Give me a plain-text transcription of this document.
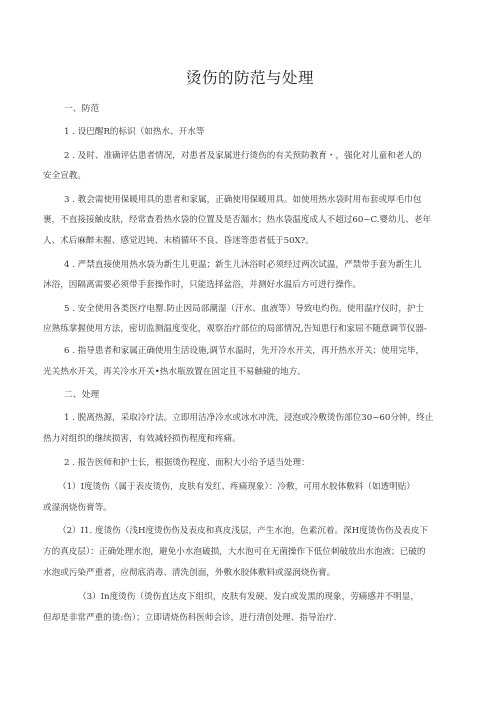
烫伤的防范与处理
一、防范
1 . 设巴醒R的标识（如热水、开水等
2 . 及时、准确评估患者情况，对患者及家属进行烫伤的有关预防教育・，强化对儿童和老人的
安全宣教。
3 . 教会需使用保暖用具的患者和家属，正确使用保暖用具。如使用热水袋时用布套或厚毛巾包
裹，不直接接触皮肤，经常查看热水袋的位置及是否漏水；热水袋温度成人不超过60~C.婴幼儿、老年
人、术后麻醉未握、感觉迟钝、末梢循环不良、昏迷等患者低于50X?。
4 . 严禁直接使用热水袋为新生儿更温；新生儿沐浴时必须经过两次试温，严禁带手套为新生儿
沐浴，因隔离需要必须带手套操作时，只能选择盆浴，并测好水温后方可进行操作。
5 . 安全使用各类医疗电罂.防止因局部潮湿（汗水、血液等）导致电灼伤。使用温疗仪时，护士
应熟练掌握使用方法，密切监测温度变化，观察治疗部位的局部情况,告知患行和家屈不随意调节仪器-
6 . 指导患者和家属正确使用生活设施,调节水温时，先开冷水开关，再开热水开关；使用完毕，
光关热水开关，再关冷水开关•热水瓶放置在固定且不易触碰的地方。
二、处理
1 . 脱离热源，采取冷疗法。立即用洁净冷水或冰水冲洗，浸泡或冷敷烫伤部位30~60分钟，终止
热力对组织的继续损害，有效减轻损伤程度和疼痛。
2 . 报告医师和护士长，根据烫伤程度、面积大小给予适当处理：
（1）I度烫伤（属于表皮烫伤，皮肤有发红、疼痛现象）：冷敷，可用水胶体敷料（如透明贴）
或湿润烧伤膏等。
（2）I1. 度烫伤（浅H度烫伤伤及表皮和真皮浅层，产生水泡，色素沉着。深H度烫伤伤及表皮下
方的真皮层）：正确处理水泡，避免小水泡破损，大水泡可在无菌操作下低位刺破放出水泡液；已破的
水泡或污染严重者，应彻底消毒、清洗创面，外敷水胶体敷料或湿润烧伤膏。
（3）In度烫伤（烫伤直达皮下组织，皮肤有发硬、发白或发黑的现象，劳痛感并不明显，
但却是非常严重的烫:伤）；立即请烧伤科医师会诊，进行清创处理、指导治疗.
